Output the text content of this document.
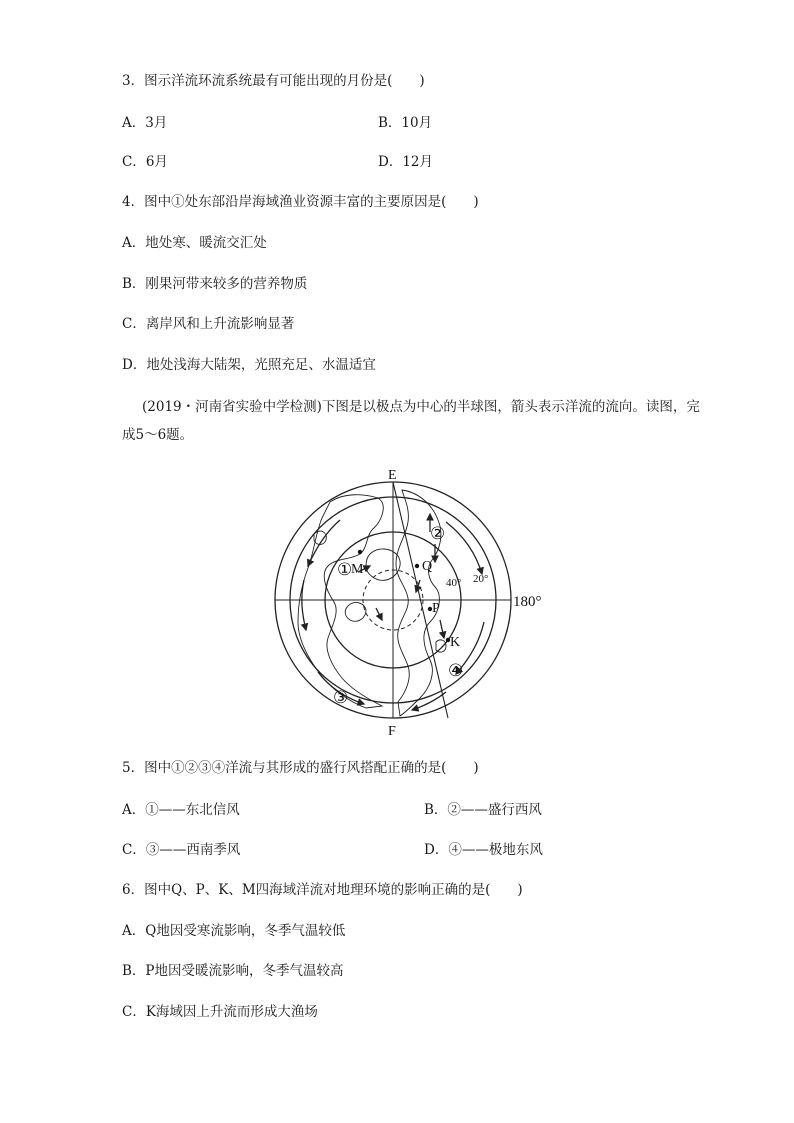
3．图示洋流环流系统最有可能出现的月份是(　　)
A．3月	B．10月
C．6月	D．12月
4．图中①处东部沿岸海域渔业资源丰富的主要原因是(　　)
A．地处寒、暖流交汇处
B．刚果河带来较多的营养物质
C．离岸风和上升流影响显著
D．地处浅海大陆架，光照充足、水温适宜
(2019・河南省实验中学检测)下图是以极点为中心的半球图，箭头表示洋流的流向。读图，完
成5～6题。
E
F
180°
M	Q
P
K
40° 20°
①
②
③
④
5．图中①②③④洋流与其形成的盛行风搭配正确的是(　　)
A．①——东北信风	B．②——盛行西风
C．③——西南季风	D．④——极地东风
6．图中Q、P、K、M四海域洋流对地理环境的影响正确的是(　　)
A．Q地因受寒流影响，冬季气温较低
B．P地因受暖流影响，冬季气温较高
C．K海域因上升流而形成大渔场
